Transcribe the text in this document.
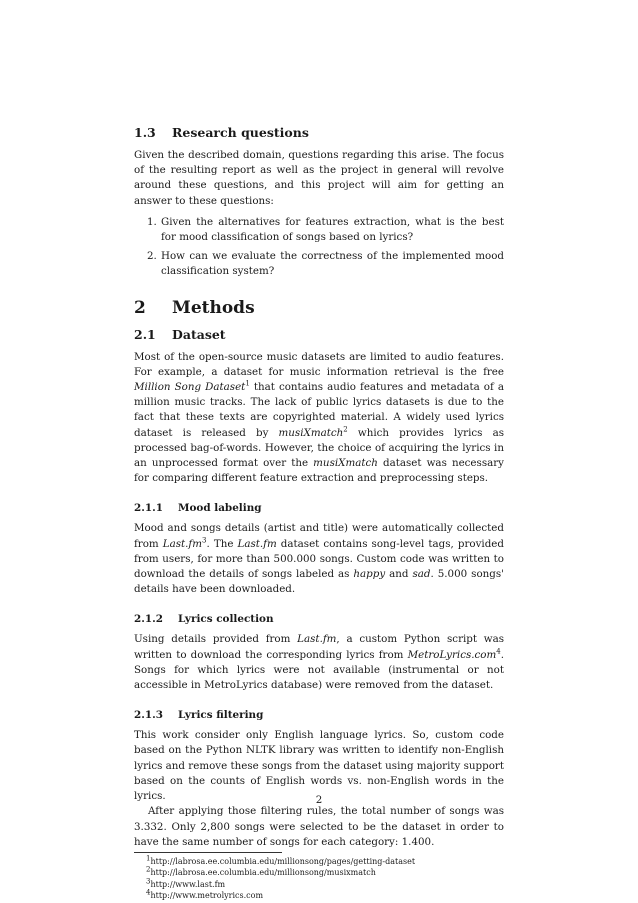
1.3 Research questions

Given the described domain, questions regarding this arise. The focus of the resulting report as well as the project in general will revolve around these questions, and this project will aim for getting an answer to these questions:

1. Given the alternatives for features extraction, what is the best for mood classification of songs based on lyrics?
2. How can we evaluate the correctness of the implemented mood classification system?
2 Methods
2.1 Dataset

Most of the open-source music datasets are limited to audio features. For example, a dataset for music information retrieval is the free Million Song Dataset$^1$ that contains audio features and metadata of a million music tracks. The lack of public lyrics datasets is due to the fact that these texts are copyrighted material. A widely used lyrics dataset is released by musiXmatch$^2$ which provides lyrics as processed bag-of-words. However, the choice of acquiring the lyrics in an unprocessed format over the musiXmatch dataset was necessary for comparing different feature extraction and preprocessing steps.

2.1.1 Mood labeling

Mood and songs details (artist and title) were automatically collected from $Last.fm^3$. The Last.fm dataset contains song-level tags, provided from users, for more than 500.000 songs. Custom code was written to download the details of songs labeled as happy and sad. 5.000 songs' details have been downloaded.

2.1.2 Lyrics collection

Using details provided from Last.fm, a custom Python script was written to download the corresponding lyrics from MetroLyrics.com$^4$. Songs for which lyrics were not available (instrumental or not accessible in MetroLyrics database) were removed from the dataset.

2.1.3 Lyrics filtering

This work consider only English language lyrics. So, custom code based on the Python NLTK library was written to identify non-English lyrics and remove these songs from the dataset using majority support based on the counts of English words vs. non-English words in the lyrics.

After applying those filtering rules, the total number of songs was 3.332. Only 2,800 songs were selected to be the dataset in order to have the same number of songs for each category: 1.400.

$^1$http://labrosa.ee.columbia.edu/millionsong/pages/getting-dataset
$^2$http://labrosa.ee.columbia.edu/millionsong/musixmatch
$^3$http://www.last.fm
$^4$http://www.metrolyrics.com
2
